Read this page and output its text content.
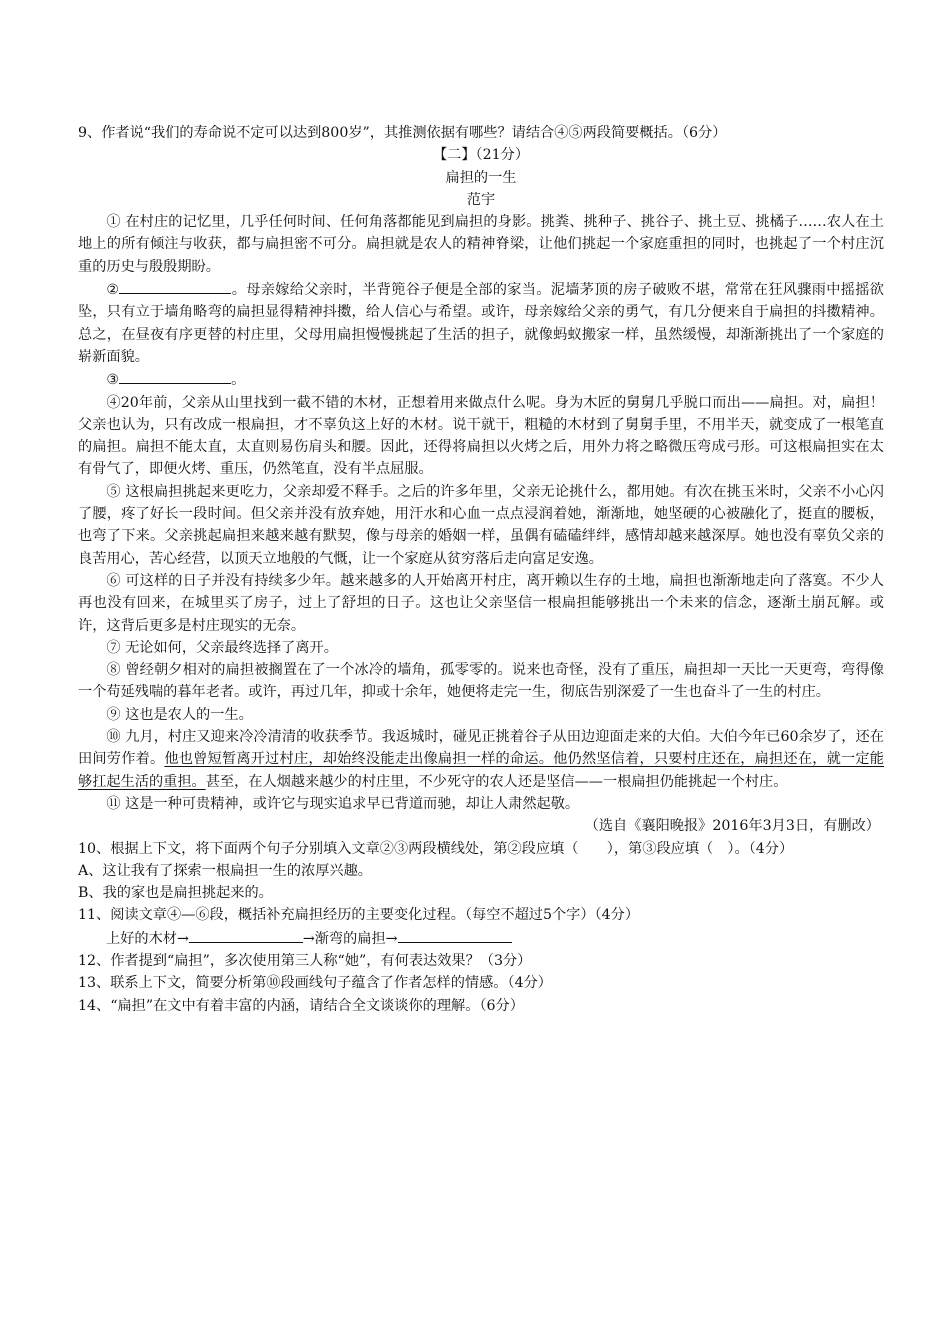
9、作者说“我们的寿命说不定可以达到800岁”，其推测依据有哪些？请结合④⑤两段简要概括。（6分）

【二】（21分）

扁担的一生

范宇

① 在村庄的记忆里，几乎任何时间、任何角落都能见到扁担的身影。挑粪、挑种子、挑谷子、挑土豆、挑橘子……农人在土地上的所有倾注与收获，都与扁担密不可分。扁担就是农人的精神脊梁，让他们挑起一个家庭重担的同时，也挑起了一个村庄沉重的历史与殷殷期盼。

②	。母亲嫁给父亲时，半背篼谷子便是全部的家当。泥墙茅顶的房子破败不堪，常常在狂风骤雨中摇摇欲坠，只有立于墙角略弯的扁担显得精神抖擞，给人信心与希望。或许，母亲嫁给父亲的勇气，有几分便来自于扁担的抖擞精神。总之，在昼夜有序更替的村庄里，父母用扁担慢慢挑起了生活的担子，就像蚂蚁搬家一样，虽然缓慢，却渐渐挑出了一个家庭的崭新面貌。

③	。

④20年前，父亲从山里找到一截不错的木材，正想着用来做点什么呢。身为木匠的舅舅几乎脱口而出——扁担。对，扁担！父亲也认为，只有改成一根扁担，才不辜负这上好的木材。说干就干，粗糙的木材到了舅舅手里，不用半天，就变成了一根笔直的扁担。扁担不能太直，太直则易伤肩头和腰。因此，还得将扁担以火烤之后，用外力将之略微压弯成弓形。可这根扁担实在太有骨气了，即便火烤、重压，仍然笔直，没有半点屈服。

⑤ 这根扁担挑起来更吃力，父亲却爱不释手。之后的许多年里，父亲无论挑什么，都用她。有次在挑玉米时，父亲不小心闪了腰，疼了好长一段时间。但父亲并没有放弃她，用汗水和心血一点点浸润着她，渐渐地，她坚硬的心被融化了，挺直的腰板，也弯了下来。父亲挑起扁担来越来越有默契，像与母亲的婚姻一样，虽偶有磕磕绊绊，感情却越来越深厚。她也没有辜负父亲的良苦用心，苦心经营，以顶天立地般的气慨，让一个家庭从贫穷落后走向富足安逸。

⑥ 可这样的日子并没有持续多少年。越来越多的人开始离开村庄，离开赖以生存的土地，扁担也渐渐地走向了落寞。不少人再也没有回来，在城里买了房子，过上了舒坦的日子。这也让父亲坚信一根扁担能够挑出一个未来的信念，逐渐土崩瓦解。或许，这背后更多是村庄现实的无奈。

⑦ 无论如何，父亲最终选择了离开。

⑧ 曾经朝夕相对的扁担被搁置在了一个冰冷的墙角，孤零零的。说来也奇怪，没有了重压，扁担却一天比一天更弯，弯得像一个苟延残喘的暮年老者。或许，再过几年，抑或十余年，她便将走完一生，彻底告别深爱了一生也奋斗了一生的村庄。

⑨ 这也是农人的一生。

⑩ 九月，村庄又迎来冷冷清清的收获季节。我返城时，碰见正挑着谷子从田边迎面走来的大伯。大伯今年已60余岁了，还在田间劳作着。他也曾短暂离开过村庄，却始终没能走出像扁担一样的命运。他仍然坚信着，只要村庄还在，扁担还在，就一定能够扛起生活的重担。甚至，在人烟越来越少的村庄里，不少死守的农人还是坚信——一根扁担仍能挑起一个村庄。

⑪ 这是一种可贵精神，或许它与现实追求早已背道而驰，却让人肃然起敬。

（选自《襄阳晚报》2016年3月3日，有删改）

10、根据上下文，将下面两个句子分别填入文章②③两段横线处，第②段应填（　　），第③段应填（　）。（4分）

A、这让我有了探索一根扁担一生的浓厚兴趣。

B、我的家也是扁担挑起来的。

11、阅读文章④—⑥段，概括补充扁担经历的主要变化过程。（每空不超过5个字）（4分）

上好的木材→	→渐弯的扁担→

12、作者提到“扁担”，多次使用第三人称“她”，有何表达效果？（3分）

13、联系上下文，简要分析第⑩段画线句子蕴含了作者怎样的情感。（4分）

14、“扁担”在文中有着丰富的内涵，请结合全文谈谈你的理解。（6分）
